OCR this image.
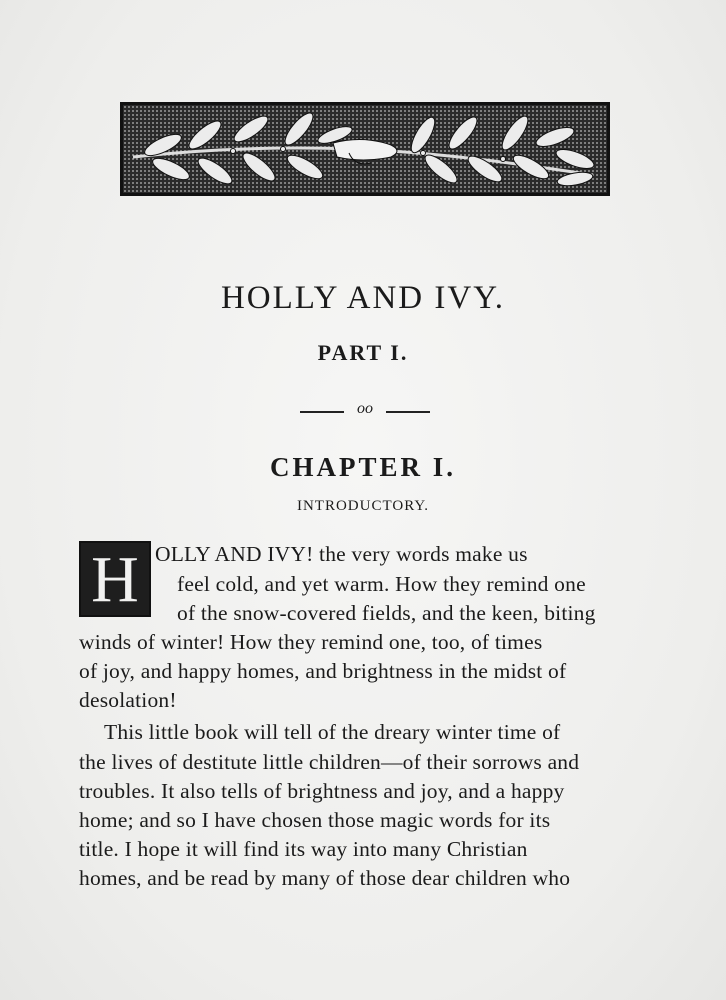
HOLLY AND IVY.
PART I.
oo
CHAPTER I.
INTRODUCTORY.
H OLLY AND IVY! the very words make us
feel cold, and yet warm. How they remind one
of the snow-covered fields, and the keen, biting
winds of winter! How they remind one, too, of times
of joy, and happy homes, and brightness in the midst of
desolation!
This little book will tell of the dreary winter time of
the lives of destitute little children—of their sorrows and
troubles. It also tells of brightness and joy, and a happy
home; and so I have chosen those magic words for its
title. I hope it will find its way into many Christian
homes, and be read by many of those dear children who
